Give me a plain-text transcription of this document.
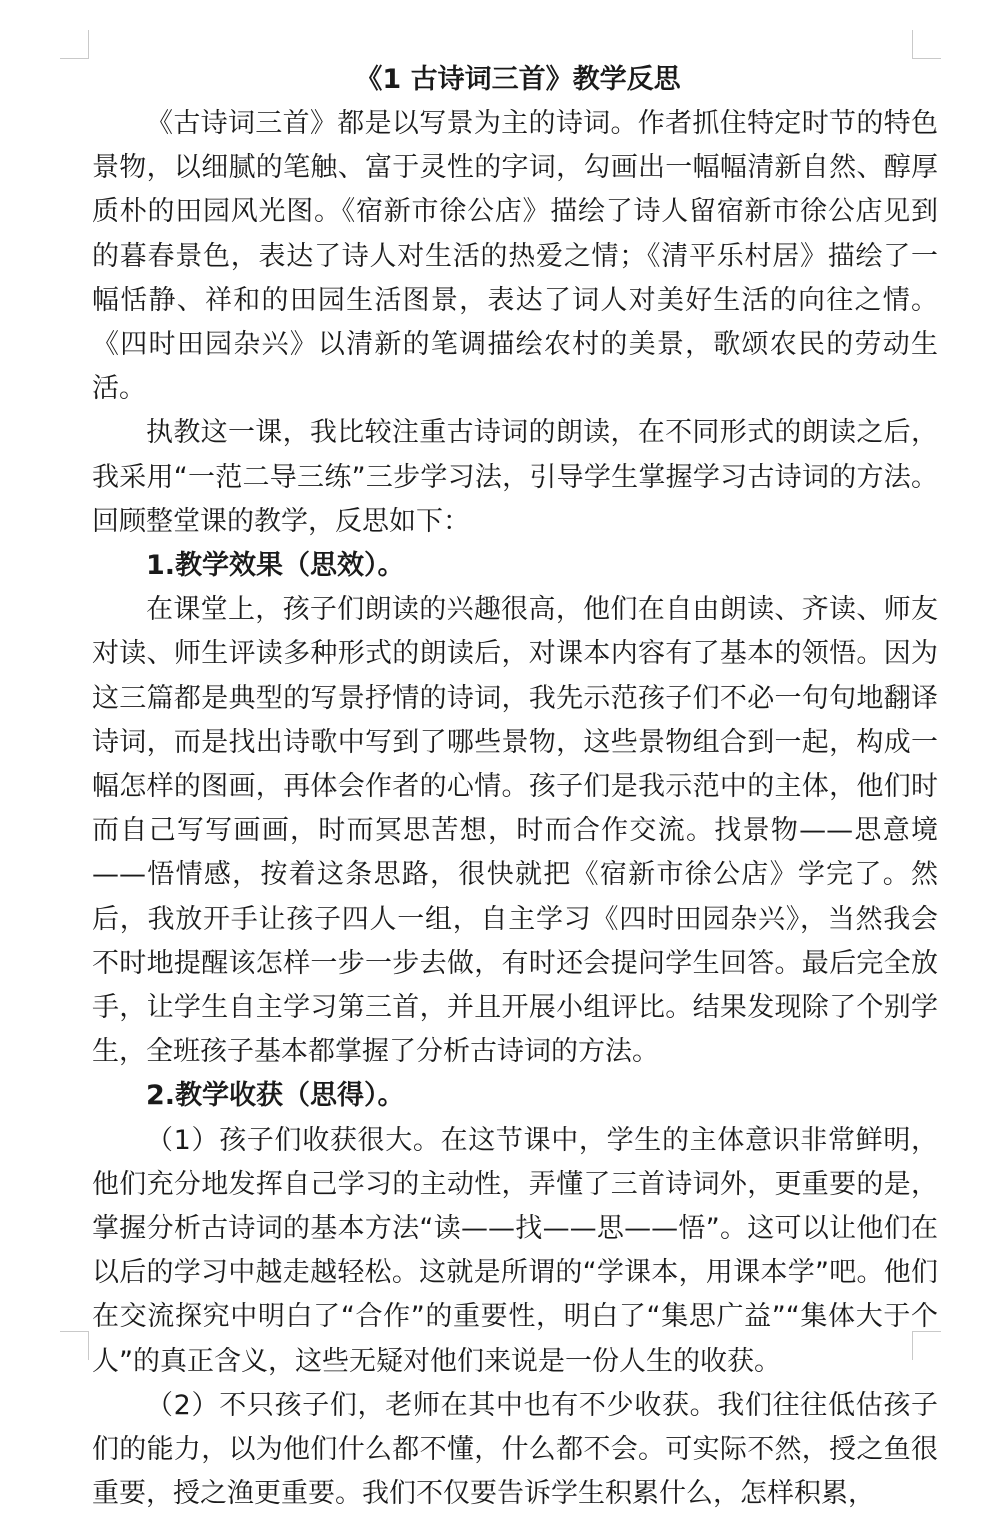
《1 古诗词三首》教学反思

《古诗词三首》都是以写景为主的诗词。作者抓住特定时节的特色景物，以细腻的笔触、富于灵性的字词，勾画出一幅幅清新自然、醇厚质朴的田园风光图。《宿新市徐公店》描绘了诗人留宿新市徐公店见到的暮春景色，表达了诗人对生活的热爱之情；《清平乐村居》描绘了一幅恬静、祥和的田园生活图景，表达了词人对美好生活的向往之情。《四时田园杂兴》以清新的笔调描绘农村的美景，歌颂农民的劳动生活。

执教这一课，我比较注重古诗词的朗读，在不同形式的朗读之后，我采用“一范二导三练”三步学习法，引导学生掌握学习古诗词的方法。回顾整堂课的教学，反思如下：

1.教学效果（思效）。

在课堂上，孩子们朗读的兴趣很高，他们在自由朗读、齐读、师友对读、师生评读多种形式的朗读后，对课本内容有了基本的领悟。因为这三篇都是典型的写景抒情的诗词，我先示范孩子们不必一句句地翻译诗词，而是找出诗歌中写到了哪些景物，这些景物组合到一起，构成一幅怎样的图画，再体会作者的心情。孩子们是我示范中的主体，他们时而自己写写画画，时而冥思苦想，时而合作交流。找景物——思意境——悟情感，按着这条思路，很快就把《宿新市徐公店》学完了。然后，我放开手让孩子四人一组，自主学习《四时田园杂兴》，当然我会不时地提醒该怎样一步一步去做，有时还会提问学生回答。最后完全放手，让学生自主学习第三首，并且开展小组评比。结果发现除了个别学生，全班孩子基本都掌握了分析古诗词的方法。

2.教学收获（思得）。

（1）孩子们收获很大。在这节课中，学生的主体意识非常鲜明，他们充分地发挥自己学习的主动性，弄懂了三首诗词外，更重要的是，掌握分析古诗词的基本方法“读——找——思——悟”。这可以让他们在以后的学习中越走越轻松。这就是所谓的“学课本，用课本学”吧。他们在交流探究中明白了“合作”的重要性，明白了“集思广益”“集体大于个人”的真正含义，这些无疑对他们来说是一份人生的收获。

（2）不只孩子们，老师在其中也有不少收获。我们往往低估孩子们的能力，以为他们什么都不懂，什么都不会。可实际不然，授之鱼很重要，授之渔更重要。我们不仅要告诉学生积累什么，怎样积累，
